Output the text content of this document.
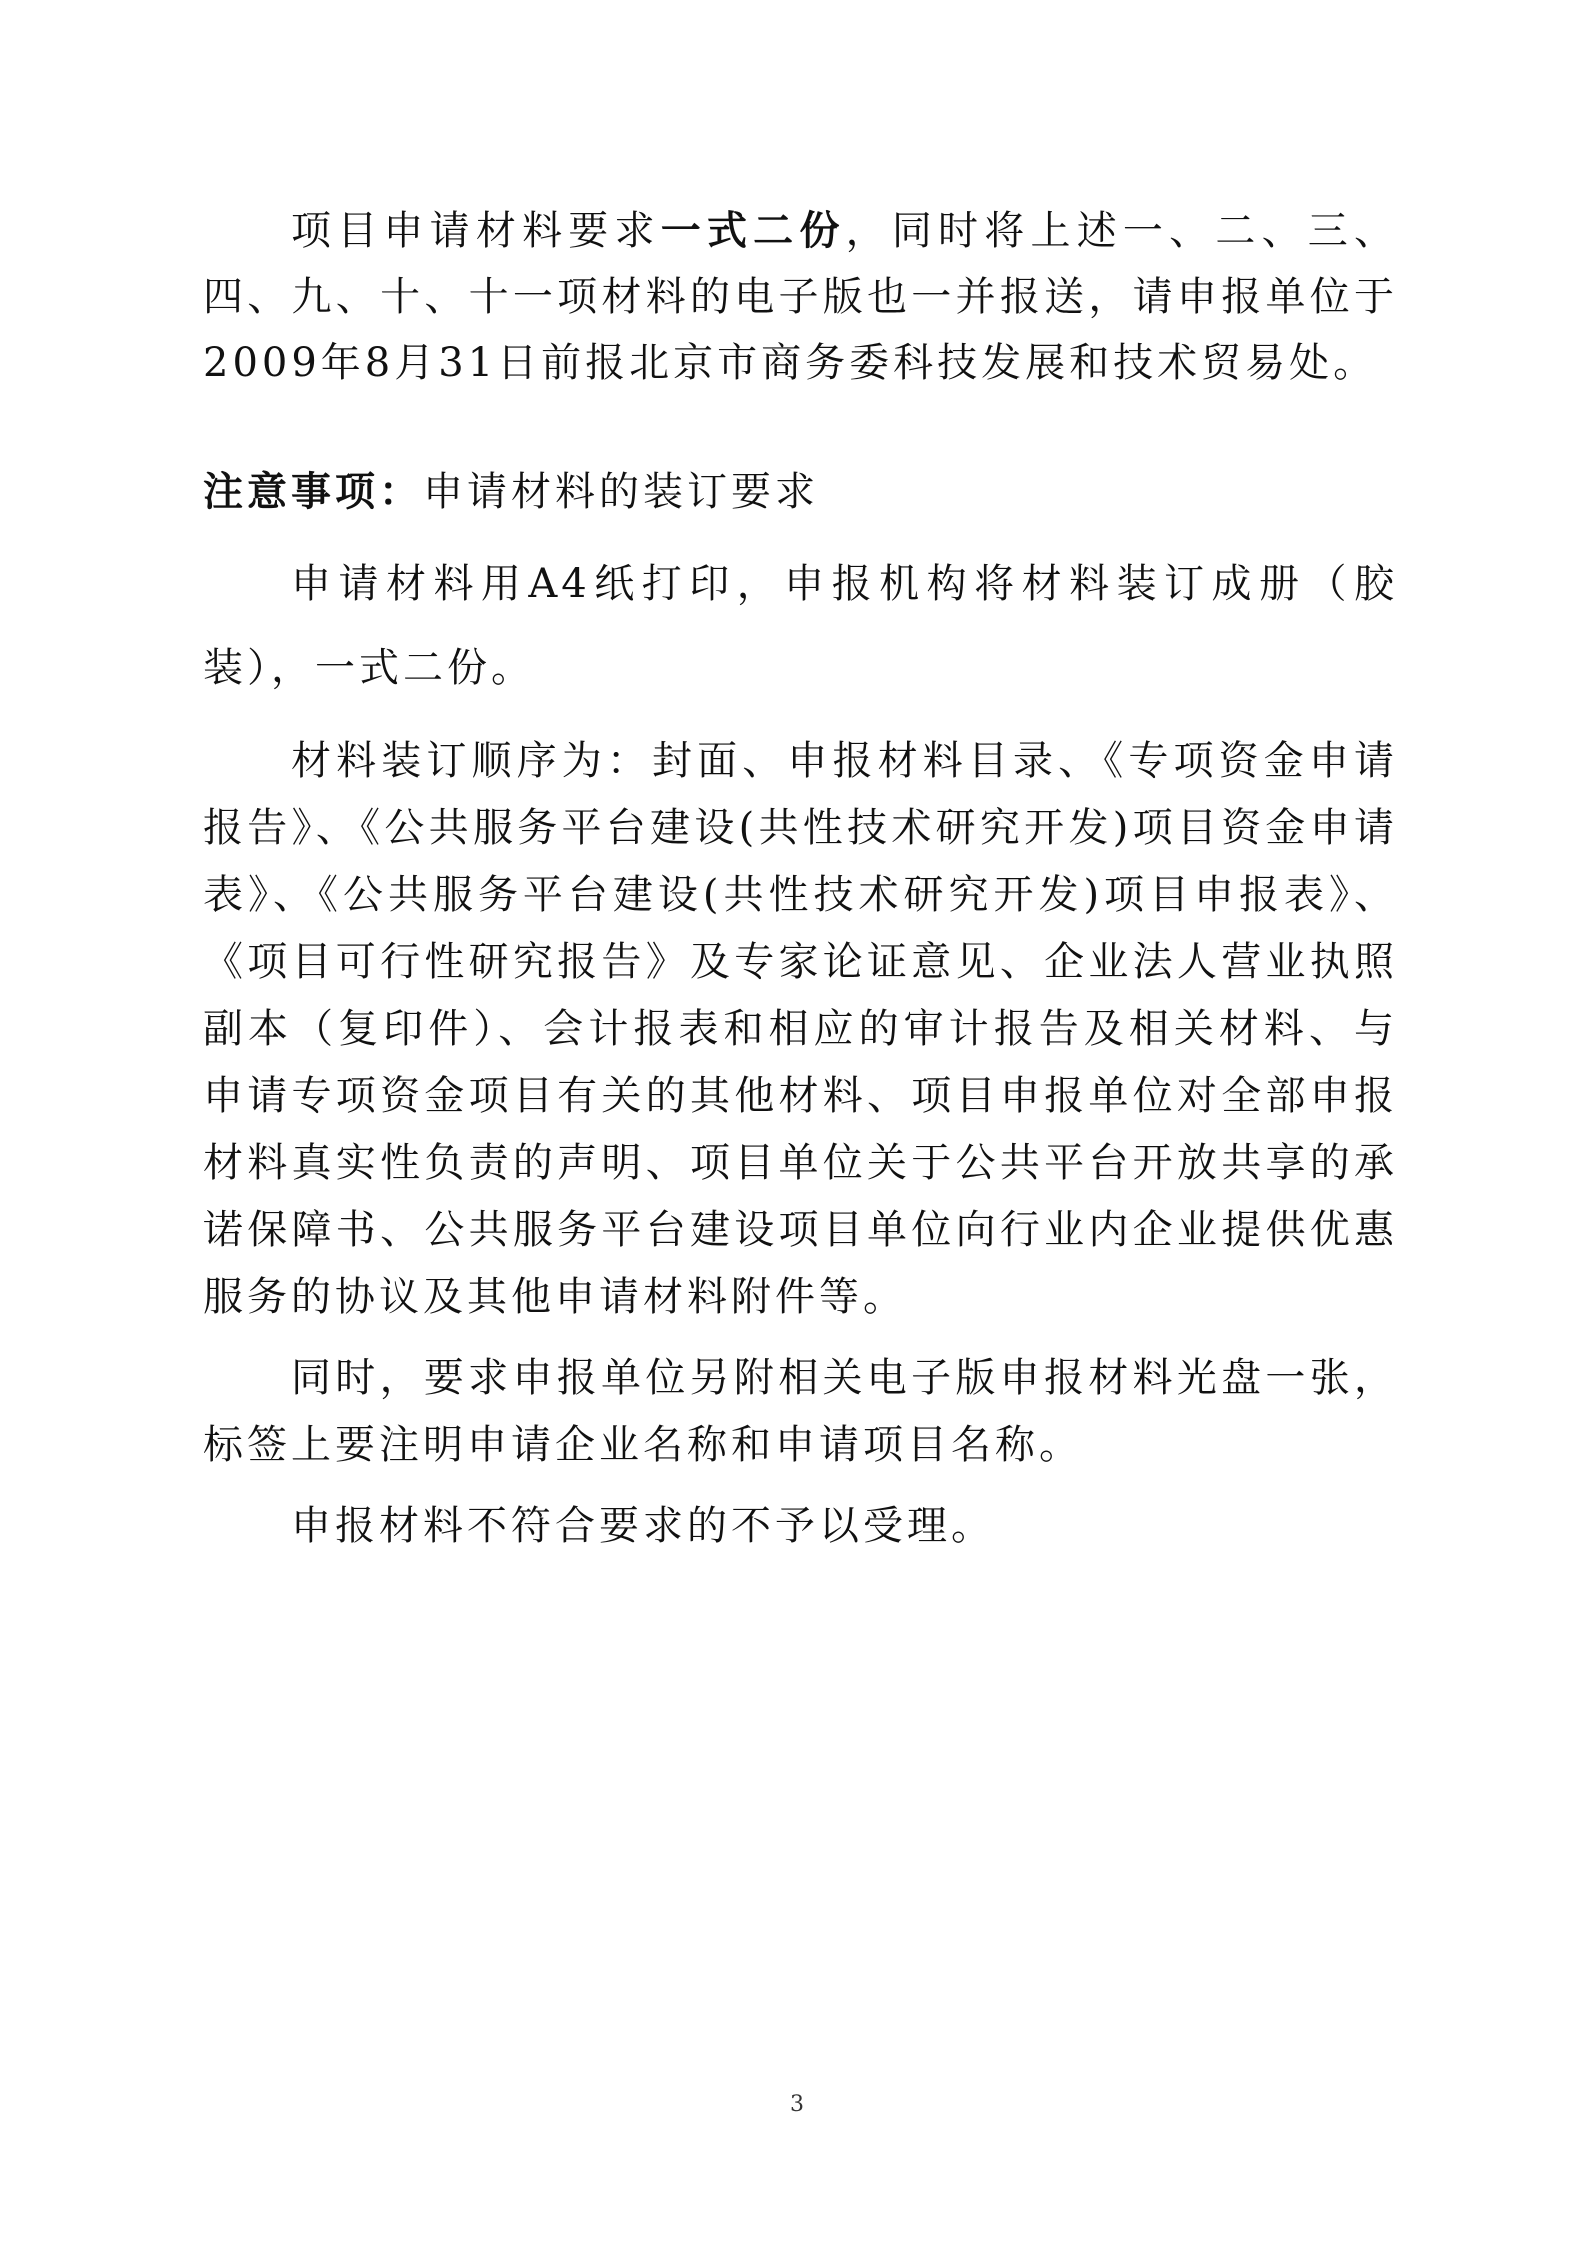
项目申请材料要求一式二份，同时将上述一、二、三、四、九、十、十一项材料的电子版也一并报送，请申报单位于2009年8月31日前报北京市商务委科技发展和技术贸易处。

注意事项：申请材料的装订要求

申请材料用A4纸打印，申报机构将材料装订成册（胶装），一式二份。

材料装订顺序为：封面、申报材料目录、《专项资金申请报告》、《公共服务平台建设(共性技术研究开发)项目资金申请表》、《公共服务平台建设(共性技术研究开发)项目申报表》、《项目可行性研究报告》及专家论证意见、企业法人营业执照副本（复印件）、会计报表和相应的审计报告及相关材料、与申请专项资金项目有关的其他材料、项目申报单位对全部申报材料真实性负责的声明、项目单位关于公共平台开放共享的承诺保障书、公共服务平台建设项目单位向行业内企业提供优惠服务的协议及其他申请材料附件等。

同时，要求申报单位另附相关电子版申报材料光盘一张，标签上要注明申请企业名称和申请项目名称。

申报材料不符合要求的不予以受理。

3
